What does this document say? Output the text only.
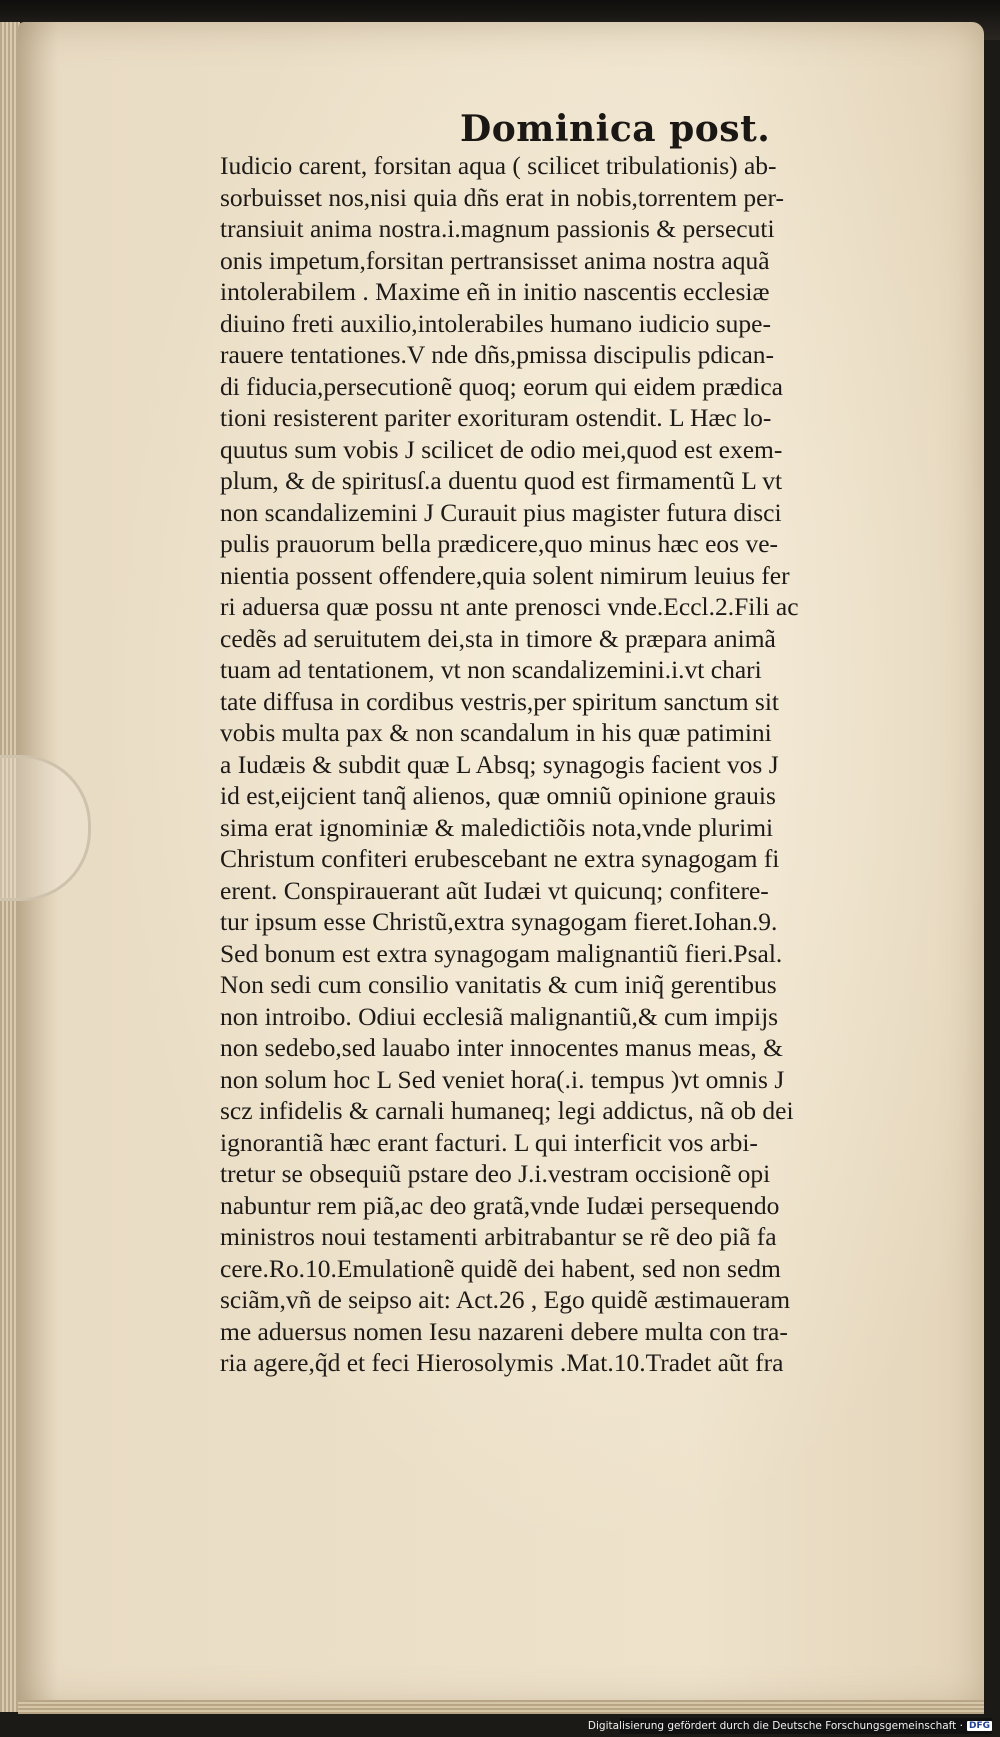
Dominica post.
Iudicio carent, forsitan aqua ( scilicet tribulationis) ab-
sorbuisset nos,nisi quia dñs erat in nobis,torrentem per-
transiuit anima nostra.i.magnum passionis & persecuti
onis impetum,forsitan pertransisset anima nostra aquã
intolerabilem . Maxime eñ in initio nascentis ecclesiæ
diuino freti auxilio,intolerabiles humano iudicio supe-
rauere tentationes.V nde dñs,pmissa discipulis pdican-
di fiducia,persecutionẽ quoq; eorum qui eidem prædica
tioni resisterent pariter exorituram ostendit. L Hæc lo-
quutus sum vobis J scilicet de odio mei,quod est exem-
plum, & de spiritusſ.a duentu quod est firmamentũ L vt
non scandalizemini J Curauit pius magister futura disci
pulis prauorum bella prædicere,quo minus hæc eos ve-
nientia possent offendere,quia solent nimirum leuius fer
ri aduersa quæ possu nt ante prenosci vnde.Eccl.2.Fili ac
cedẽs ad seruitutem dei,sta in timore & præpara animã
tuam ad tentationem, vt non scandalizemini.i.vt chari
tate diffusa in cordibus vestris,per spiritum sanctum sit
vobis multa pax & non scandalum in his quæ patimini
a Iudæis & subdit quæ L Absq; synagogis facient vos J
id est,eijcient tanq̃ alienos, quæ omniũ opinione grauis
sima erat ignominiæ & maledictiõis nota,vnde plurimi
Christum confiteri erubescebant ne extra synagogam fi
erent. Conspirauerant aũt Iudæi vt quicunq; confitere-
tur ipsum esse Christũ,extra synagogam fieret.Iohan.9.
Sed bonum est extra synagogam malignantiũ fieri.Psal.
Non sedi cum consilio vanitatis & cum iniq̃ gerentibus
non introibo. Odiui ecclesiã malignantiũ,& cum impijs
non sedebo,sed lauabo inter innocentes manus meas, &
non solum hoc L Sed veniet hora(.i. tempus )vt omnis J
scz infidelis & carnali humaneq; legi addictus, nã ob dei
ignorantiã hæc erant facturi. L qui interficit vos arbi-
tretur se obsequiũ pstare deo J.i.vestram occisionẽ opi
nabuntur rem piã,ac deo gratã,vnde Iudæi persequendo
ministros noui testamenti arbitrabantur se rẽ deo piã fa
cere.Ro.10.Emulationẽ quidẽ dei habent, sed non sedm
sciãm,vñ de seipso ait: Act.26 , Ego quidẽ æstimaueram
me aduersus nomen Iesu nazareni debere multa con tra-
ria agere,q̃d et feci Hierosolymis .Mat.10.Tradet aũt fra
Digitalisierung gefördert durch die Deutsche Forschungsgemeinschaft · DFG
